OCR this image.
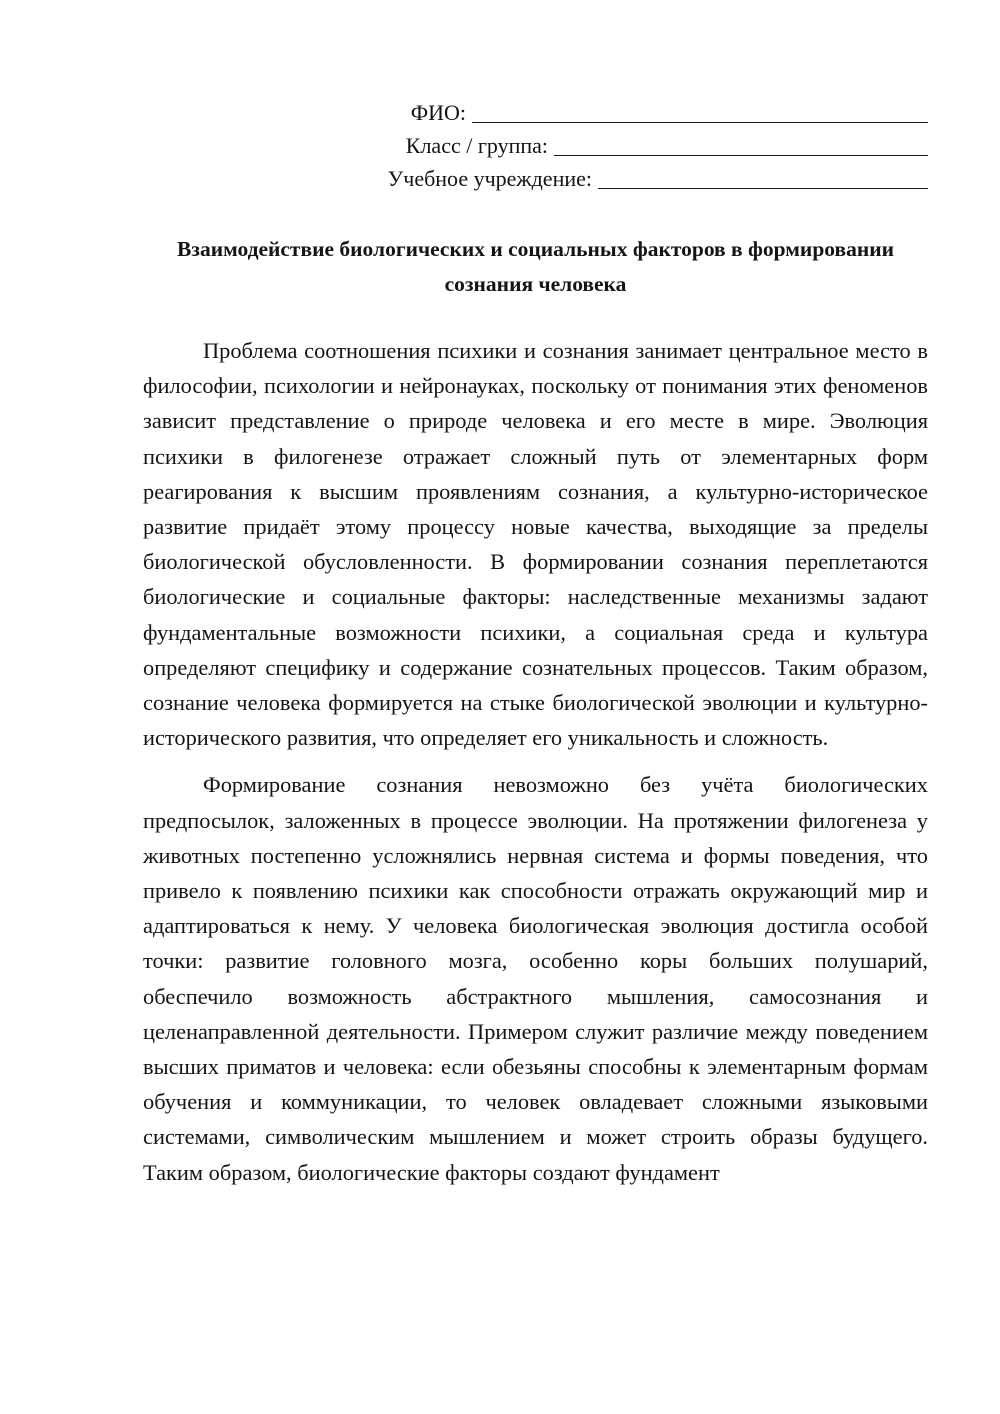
ФИО:
Класс / группа:
Учебное учреждение:
Взаимодействие биологических и социальных факторов в формировании сознания человека

Проблема соотношения психики и сознания занимает центральное место в философии, психологии и нейронауках, поскольку от понимания этих феноменов зависит представление о природе человека и его месте в мире. Эволюция психики в филогенезе отражает сложный путь от элементарных форм реагирования к высшим проявлениям сознания, а культурно-историческое развитие придаёт этому процессу новые качества, выходящие за пределы биологической обусловленности. В формировании сознания переплетаются биологические и социальные факторы: наследственные механизмы задают фундаментальные возможности психики, а социальная среда и культура определяют специфику и содержание сознательных процессов. Таким образом, сознание человека формируется на стыке биологической эволюции и культурно-исторического развития, что определяет его уникальность и сложность.

Формирование сознания невозможно без учёта биологических предпосылок, заложенных в процессе эволюции. На протяжении филогенеза у животных постепенно усложнялись нервная система и формы поведения, что привело к появлению психики как способности отражать окружающий мир и адаптироваться к нему. У человека биологическая эволюция достигла особой точки: развитие головного мозга, особенно коры больших полушарий, обеспечило возможность абстрактного мышления, самосознания и целенаправленной деятельности. Примером служит различие между поведением высших приматов и человека: если обезьяны способны к элементарным формам обучения и коммуникации, то человек овладевает сложными языковыми системами, символическим мышлением и может строить образы будущего. Таким образом, биологические факторы создают фундамент
